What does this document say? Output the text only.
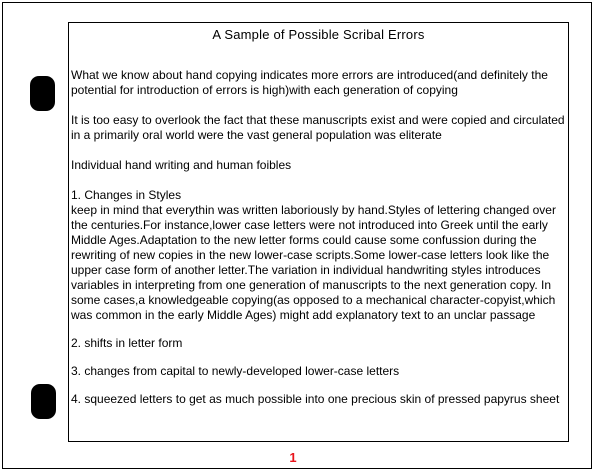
A Sample of Possible Scribal Errors

What we know about hand copying indicates more errors are introduced(and definitely the potential for introduction of errors is high)with each generation of copying

It is too easy to overlook the fact that these manuscripts exist and were copied and circulated in a primarily oral world were the vast general population was eliterate

Individual hand writing and human foibles

1. Changes in Styles
keep in mind that everythin was written laboriously by hand.Styles of lettering changed over the centuries.For instance,lower case letters were not introduced into Greek until the early Middle Ages.Adaptation to the new letter forms could cause some confussion during the rewriting of new copies in the new lower-case scripts.Some lower-case letters look like the upper case form of another letter.The variation in individual handwriting styles introduces variables in interpreting from one generation of manuscripts to the next generation copy. In some cases,a knowledgeable copying(as opposed to a mechanical character-copyist,which was common in the early Middle Ages) might add explanatory text to an unclar passage

2. shifts in letter form

3. changes from capital to newly-developed lower-case letters

4. squeezed letters to get as much possible into one precious skin of pressed papyrus sheet

1
